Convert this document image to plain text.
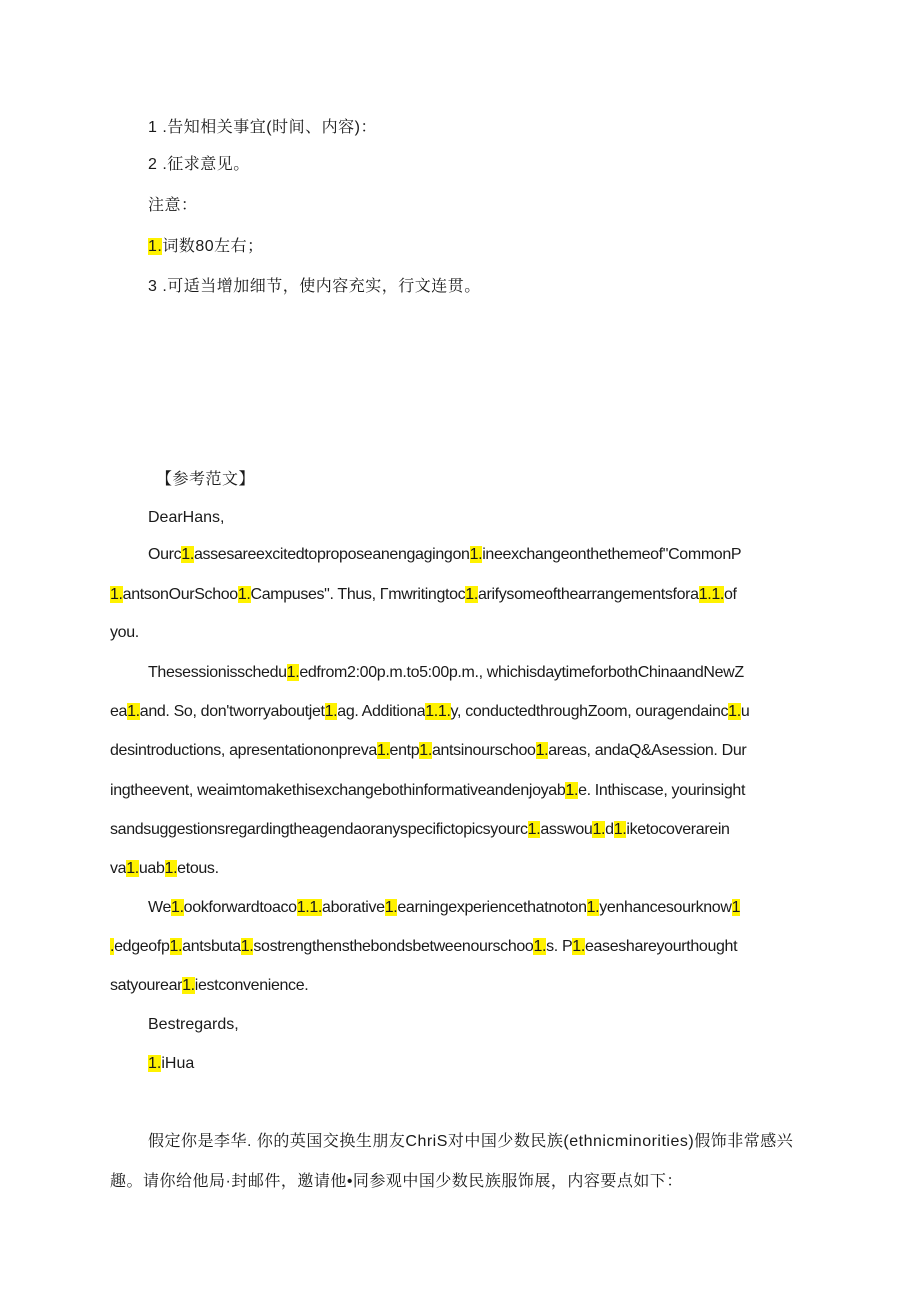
1 .告知相关事宜(时间、内容)：
2 .征求意见。
注意：
1.词数80左右；
3 .可适当增加细节，使内容充实，行文连贯。
【参考范文】
DearHans,
Ourc1.assesareexcitedtoproposeanengagingon1.ineexchangeonthethemeof"CommonP
1.antsonOurSchoo1.Campuses". Thus, Γmwritingtoc1.arifysomeofthearrangementsfora1.1.of
you.
Thesessionisschedu1.edfrom2:00p.m.to5:00p.m., whichisdaytimeforbothChinaandNewZ
ea1.and. So, don'tworryaboutjet1.ag. Additiona1.1.y, conductedthroughZoom, ouragendainc1.u
desintroductions, apresentationonpreva1.entp1.antsinourschoo1.areas, andaQ&Asession. Dur
ingtheevent, weaimtomakethisexchangebothinformativeandenjoyab1.e. Inthiscase, yourinsight
sandsuggestionsregardingtheagendaoranyspecifictopicsyourc1.asswou1.d1.iketocoverarein
va1.uab1.etous.
We1.ookforwardtoaco1.1.aborative1.earningexperiencethatnoton1.yenhancesourknow1
.edgeofp1.antsbuta1.sostrengthensthebondsbetweenourschoo1.s. P1.easeshareyourthought
satyourear1.iestconvenience.
Bestregards,
1.iHua
假定你是李华. 你的英国交换生朋友ChriS对中国少数民族(ethnicminorities)假饰非常感兴
趣。请你给他局·封邮件，邀请他•同参观中国少数民族服饰展，内容要点如下：
